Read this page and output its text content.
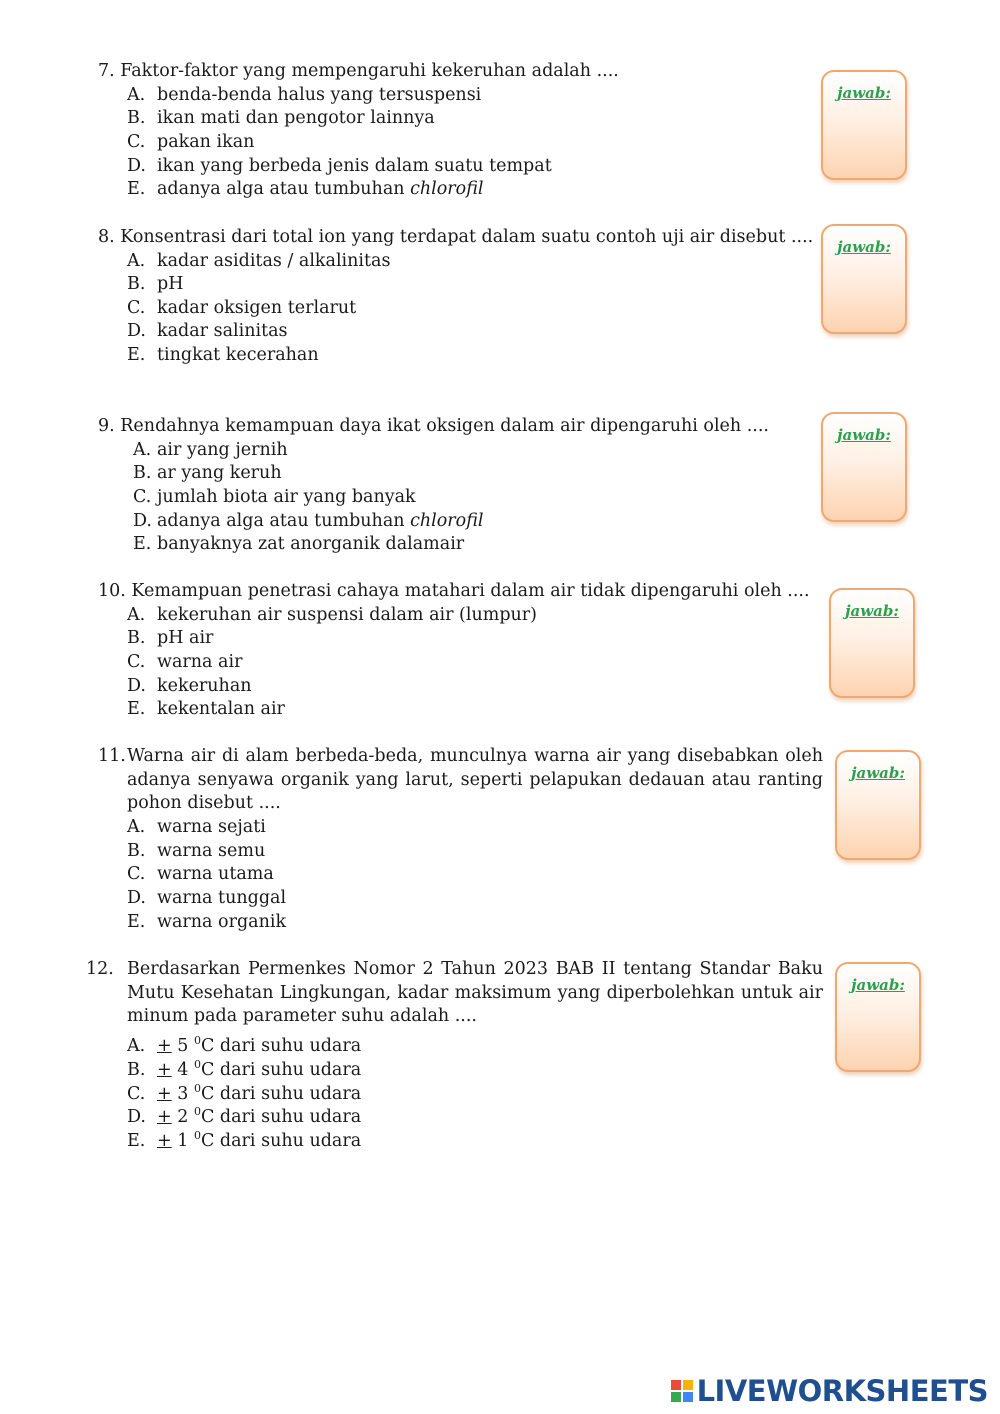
7. Faktor-faktor yang mempengaruhi kekeruhan adalah ....
A. benda-benda halus yang tersuspensi
B. ikan mati dan pengotor lainnya
C. pakan ikan
D. ikan yang berbeda jenis dalam suatu tempat
E. adanya alga atau tumbuhan chlorofil
jawab:
8. Konsentrasi dari total ion yang terdapat dalam suatu contoh uji air disebut ....
A. kadar asiditas / alkalinitas
B. pH
C. kadar oksigen terlarut
D. kadar salinitas
E. tingkat kecerahan
jawab:
9. Rendahnya kemampuan daya ikat oksigen dalam air dipengaruhi oleh ....
A. air yang jernih
B. ar yang keruh
C. jumlah biota air yang banyak
D. adanya alga atau tumbuhan chlorofil
E. banyaknya zat anorganik dalamair
jawab:
10. Kemampuan penetrasi cahaya matahari dalam air tidak dipengaruhi oleh ....
A. kekeruhan air suspensi dalam air (lumpur)
B. pH air
C. warna air
D. kekeruhan
E. kekentalan air
jawab:
11. Warna air di alam berbeda-beda, munculnya warna air yang disebabkan oleh adanya senyawa organik yang larut, seperti pelapukan dedauan atau ranting pohon disebut ....
A. warna sejati
B. warna semu
C. warna utama
D. warna tunggal
E. warna organik
jawab:
12. Berdasarkan Permenkes Nomor 2 Tahun 2023 BAB II tentang Standar Baku Mutu Kesehatan Lingkungan, kadar maksimum yang diperbolehkan untuk air minum pada parameter suhu adalah ....
A. + 5 $^0$C dari suhu udara
B. + 4 $^0$C dari suhu udara
C. + 3 $^0$C dari suhu udara
D. + 2 $^0$C dari suhu udara
E. + 1 $^0$C dari suhu udara
jawab:
LIVEWORKSHEETS
